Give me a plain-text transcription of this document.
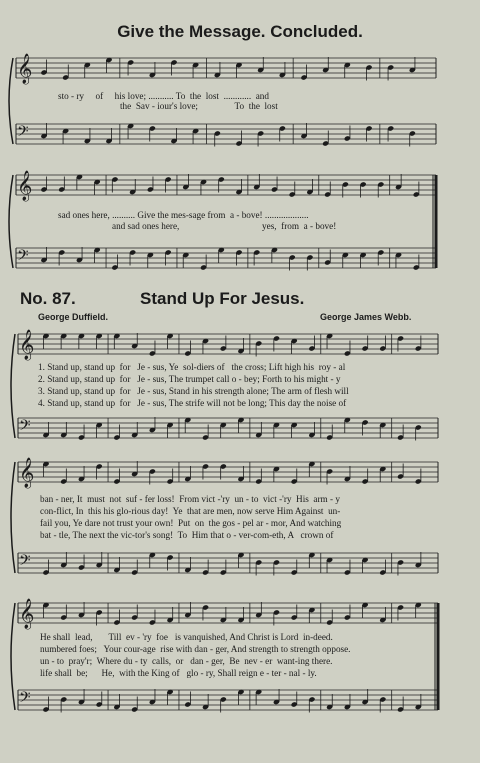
𝄞
𝄢
𝄞
𝄢
𝄞
𝄢
𝄞
𝄢
𝄞
𝄢
Give the Message. Concluded.
sto - ry     of     his love; ........... To  the  lost  ............  and
the  Sav - iour's love;                To  the  lost
sad ones here, .......... Give the mes-sage from  a - bove! ...................
and sad ones here,                                    yes,  from  a - bove!
No. 87.	Stand Up For Jesus.
George Duffield.	George James Webb.
1. Stand up, stand up  for   Je - sus, Ye  sol-diers of   the cross; Lift high his  roy - al
2. Stand up, stand up  for   Je - sus, The trumpet call o - bey; Forth to his might - y
3. Stand up, stand up  for   Je - sus, Stand in his strength alone; The arm of flesh will
4. Stand up, stand up  for   Je - sus, The strife will not be long; This day the noise of
ban - ner, It  must  not  suf - fer loss!  From vict -'ry  un - to  vict -'ry  His  arm - y
con-flict, In  this his glo-rious day!  Ye  that are men, now serve Him Against  un-
fail you, Ye dare not trust your own!  Put  on  the gos - pel ar - mor, And watching
bat - tle, The next the vic-tor's song!  To  Him that o - ver-com-eth, A   crown of
He shall  lead,       Till  ev - 'ry  foe   is vanquished, And Christ is Lord  in-deed.
numbered foes;   Your cour-age  rise with dan - ger, And strength to strength oppose.
un - to  pray'r;  Where du - ty  calls,  or   dan - ger,  Be  nev - er  want-ing there.
life shall  be;      He,  with the King of   glo - ry, Shall reign e - ter - nal - ly.
